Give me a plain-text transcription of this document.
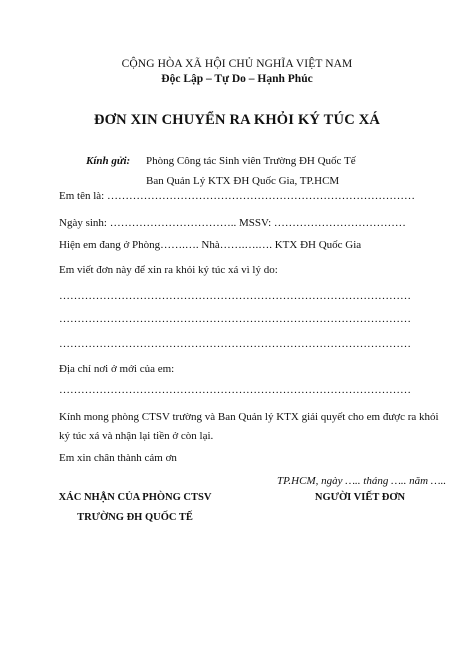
CỘNG HÒA XÃ HỘI CHỦ NGHĨA VIỆT NAM
Độc Lập – Tự Do – Hạnh Phúc
ĐƠN XIN CHUYỂN RA KHỎI KÝ TÚC XÁ
Kính gửi: Phòng Công tác Sinh viên Trường ĐH Quốc Tế
Ban Quản Lý KTX ĐH Quốc Gia, TP.HCM
Em tên là: …………………………………………………………………………
Ngày sinh: …………………………….. MSSV: ………………………………
Hiện em đang ở Phòng…….…. Nhà…….….…. KTX ĐH Quốc Gia
Em viết đơn này để xin ra khỏi ký túc xá vì lý do:
……………………………………………………………………………………
……………………………………………………………………………………
……………………………………………………………………………………
Địa chỉ nơi ở mới của em:
……………………………………………………………………………………
Kính mong phòng CTSV trường và Ban Quản lý KTX giải quyết cho em được ra khỏi
ký túc xá và nhận lại tiền ở còn lại.
Em xin chân thành cảm ơn
TP.HCM, ngày ….. tháng ….. năm …..
XÁC NHẬN CỦA PHÒNG CTSV
TRƯỜNG ĐH QUỐC TẾ
NGƯỜI VIẾT ĐƠN
